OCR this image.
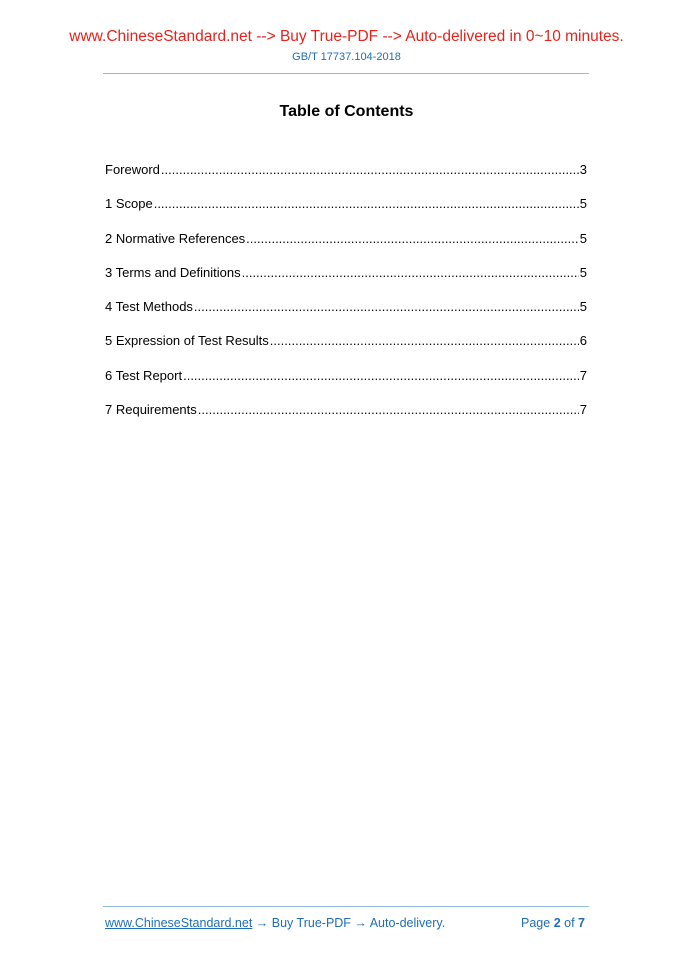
www.ChineseStandard.net --> Buy True-PDF --> Auto-delivered in 0~10 minutes.
GB/T 17737.104-2018
Table of Contents
Foreword .....	3
1 Scope .....	5
2 Normative References .....	5
3 Terms and Definitions .....	5
4 Test Methods .....	5
5 Expression of Test Results .....	6
6 Test Report .....	7
7 Requirements .....	7
www.ChineseStandard.net → Buy True-PDF → Auto-delivery.	Page 2 of 7
